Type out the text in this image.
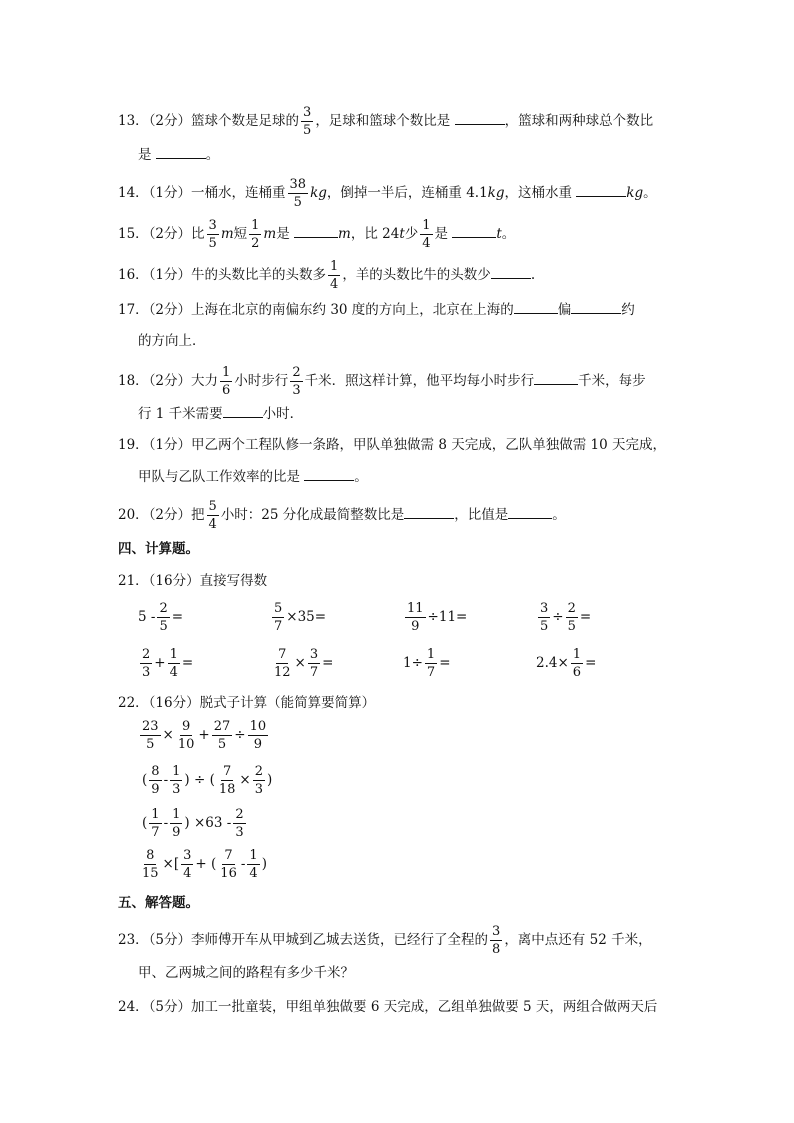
13．（2分）篮球个数是足球的 $\frac{3}{5}$ ，足球和篮球个数比是	，篮球和两种球总个数比
是	。
14．（1分）一桶水，连桶重 $\frac{38}{5}$ kg，倒掉一半后，连桶重 4.1kg，这桶水重	kg。
15．（2分）比 $\frac{3}{5}$ m短 $\frac{1}{2}$ m是	m，比 24t少 $\frac{1}{4}$ 是	t。
16．（1分）牛的头数比羊的头数多 $\frac{1}{4}$ ，羊的头数比牛的头数少	.
17．（2分）上海在北京的南偏东约 30 度的方向上，北京在上海的	偏	约
的方向上．
18．（2分）大力 $\frac{1}{6}$ 小时步行 $\frac{2}{3}$ 千米．照这样计算，他平均每小时步行	千米，每步
行 1 千米需要	小时．
19．（1分）甲乙两个工程队修一条路，甲队单独做需 8 天完成，乙队单独做需 10 天完成，
甲队与乙队工作效率的比是	。
20．（2分）把 $\frac{5}{4}$ 小时：25 分化成最简整数比是	，比值是	。
四、计算题。
21．（16分）直接写得数
$5 - \frac{2}{5}$ =	$\frac{5}{7} \times 35=$	$\frac{11}{9} \div 11=$	$\frac{3}{5} \div \frac{2}{5}$ =
$\frac{2}{3} + \frac{1}{4}$ =	$\frac{7}{12} \times \frac{3}{7}$ =	$1\div \frac{1}{7}$ =	$2.4\times \frac{1}{6}$ =
22．（16分）脱式子计算（能简算要简算）
$\frac{23}{5} \times \frac{9}{10} + \frac{27}{5} \div \frac{10}{9}$
( $\frac{8}{9} - \frac{1}{3}$ ) ÷ ( $\frac{7}{18} \times \frac{2}{3}$ )
( $\frac{1}{7} - \frac{1}{9}$ ) $\times 63 - \frac{2}{3}$
$\frac{8}{15}$ ×[ $\frac{3}{4}$ + ( $\frac{7}{16} - \frac{1}{4}$ )
五、解答题。
23．（5分）李师傅开车从甲城到乙城去送货，已经行了全程的 $\frac{3}{8}$ ，离中点还有 52 千米，
甲、乙两城之间的路程有多少千米？
24．（5分）加工一批童装，甲组单独做要 6 天完成，乙组单独做要 5 天，两组合做两天后
